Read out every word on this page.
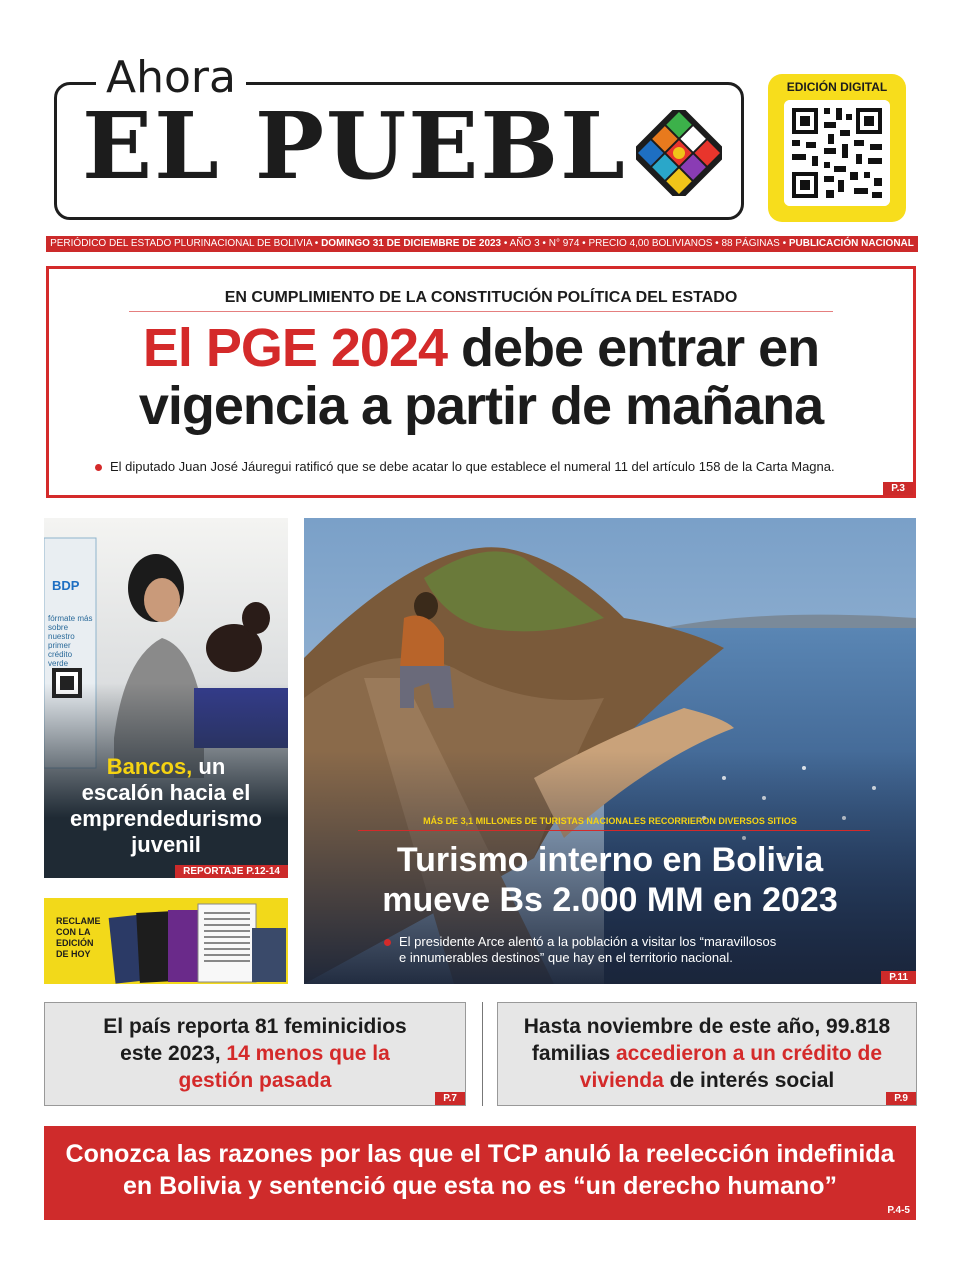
Ahora
EL PUEBL
EDICIÓN DIGITAL
PERIÓDICO DEL ESTADO PLURINACIONAL DE BOLIVIA • DOMINGO 31 DE DICIEMBRE DE 2023 • AÑO 3 • N° 974 • PRECIO 4,00 BOLIVIANOS • 88 PÁGINAS • PUBLICACIÓN NACIONAL
EN CUMPLIMIENTO DE LA CONSTITUCIÓN POLÍTICA DEL ESTADO
El PGE 2024 debe entrar en
vigencia a partir de mañana
El diputado Juan José Jáuregui ratificó que se debe acatar lo que establece el numeral 11 del artículo 158 de la Carta Magna.
P.3
BDP
fórmate más sobre nuestro primer crédito verde
Bancos, un
escalón hacia el
emprendedurismo
juvenil
REPORTAJE P.12-14
RECLAME
CON LA
EDICIÓN
DE HOY
MÁS DE 3,1 MILLONES DE TURISTAS NACIONALES RECORRIERON DIVERSOS SITIOS
Turismo interno en Bolivia
mueve Bs 2.000 MM en 2023
El presidente Arce alentó a la población a visitar los “maravillosos
e innumerables destinos” que hay en el territorio nacional.
P.11
El país reporta 81 feminicidios
este 2023, 14 menos que la
gestión pasada
P.7
Hasta noviembre de este año, 99.818
familias accedieron a un crédito de
vivienda de interés social
P.9
Conozca las razones por las que el TCP anuló la reelección indefinida
en Bolivia y sentenció que esta no es “un derecho humano”
P.4-5
